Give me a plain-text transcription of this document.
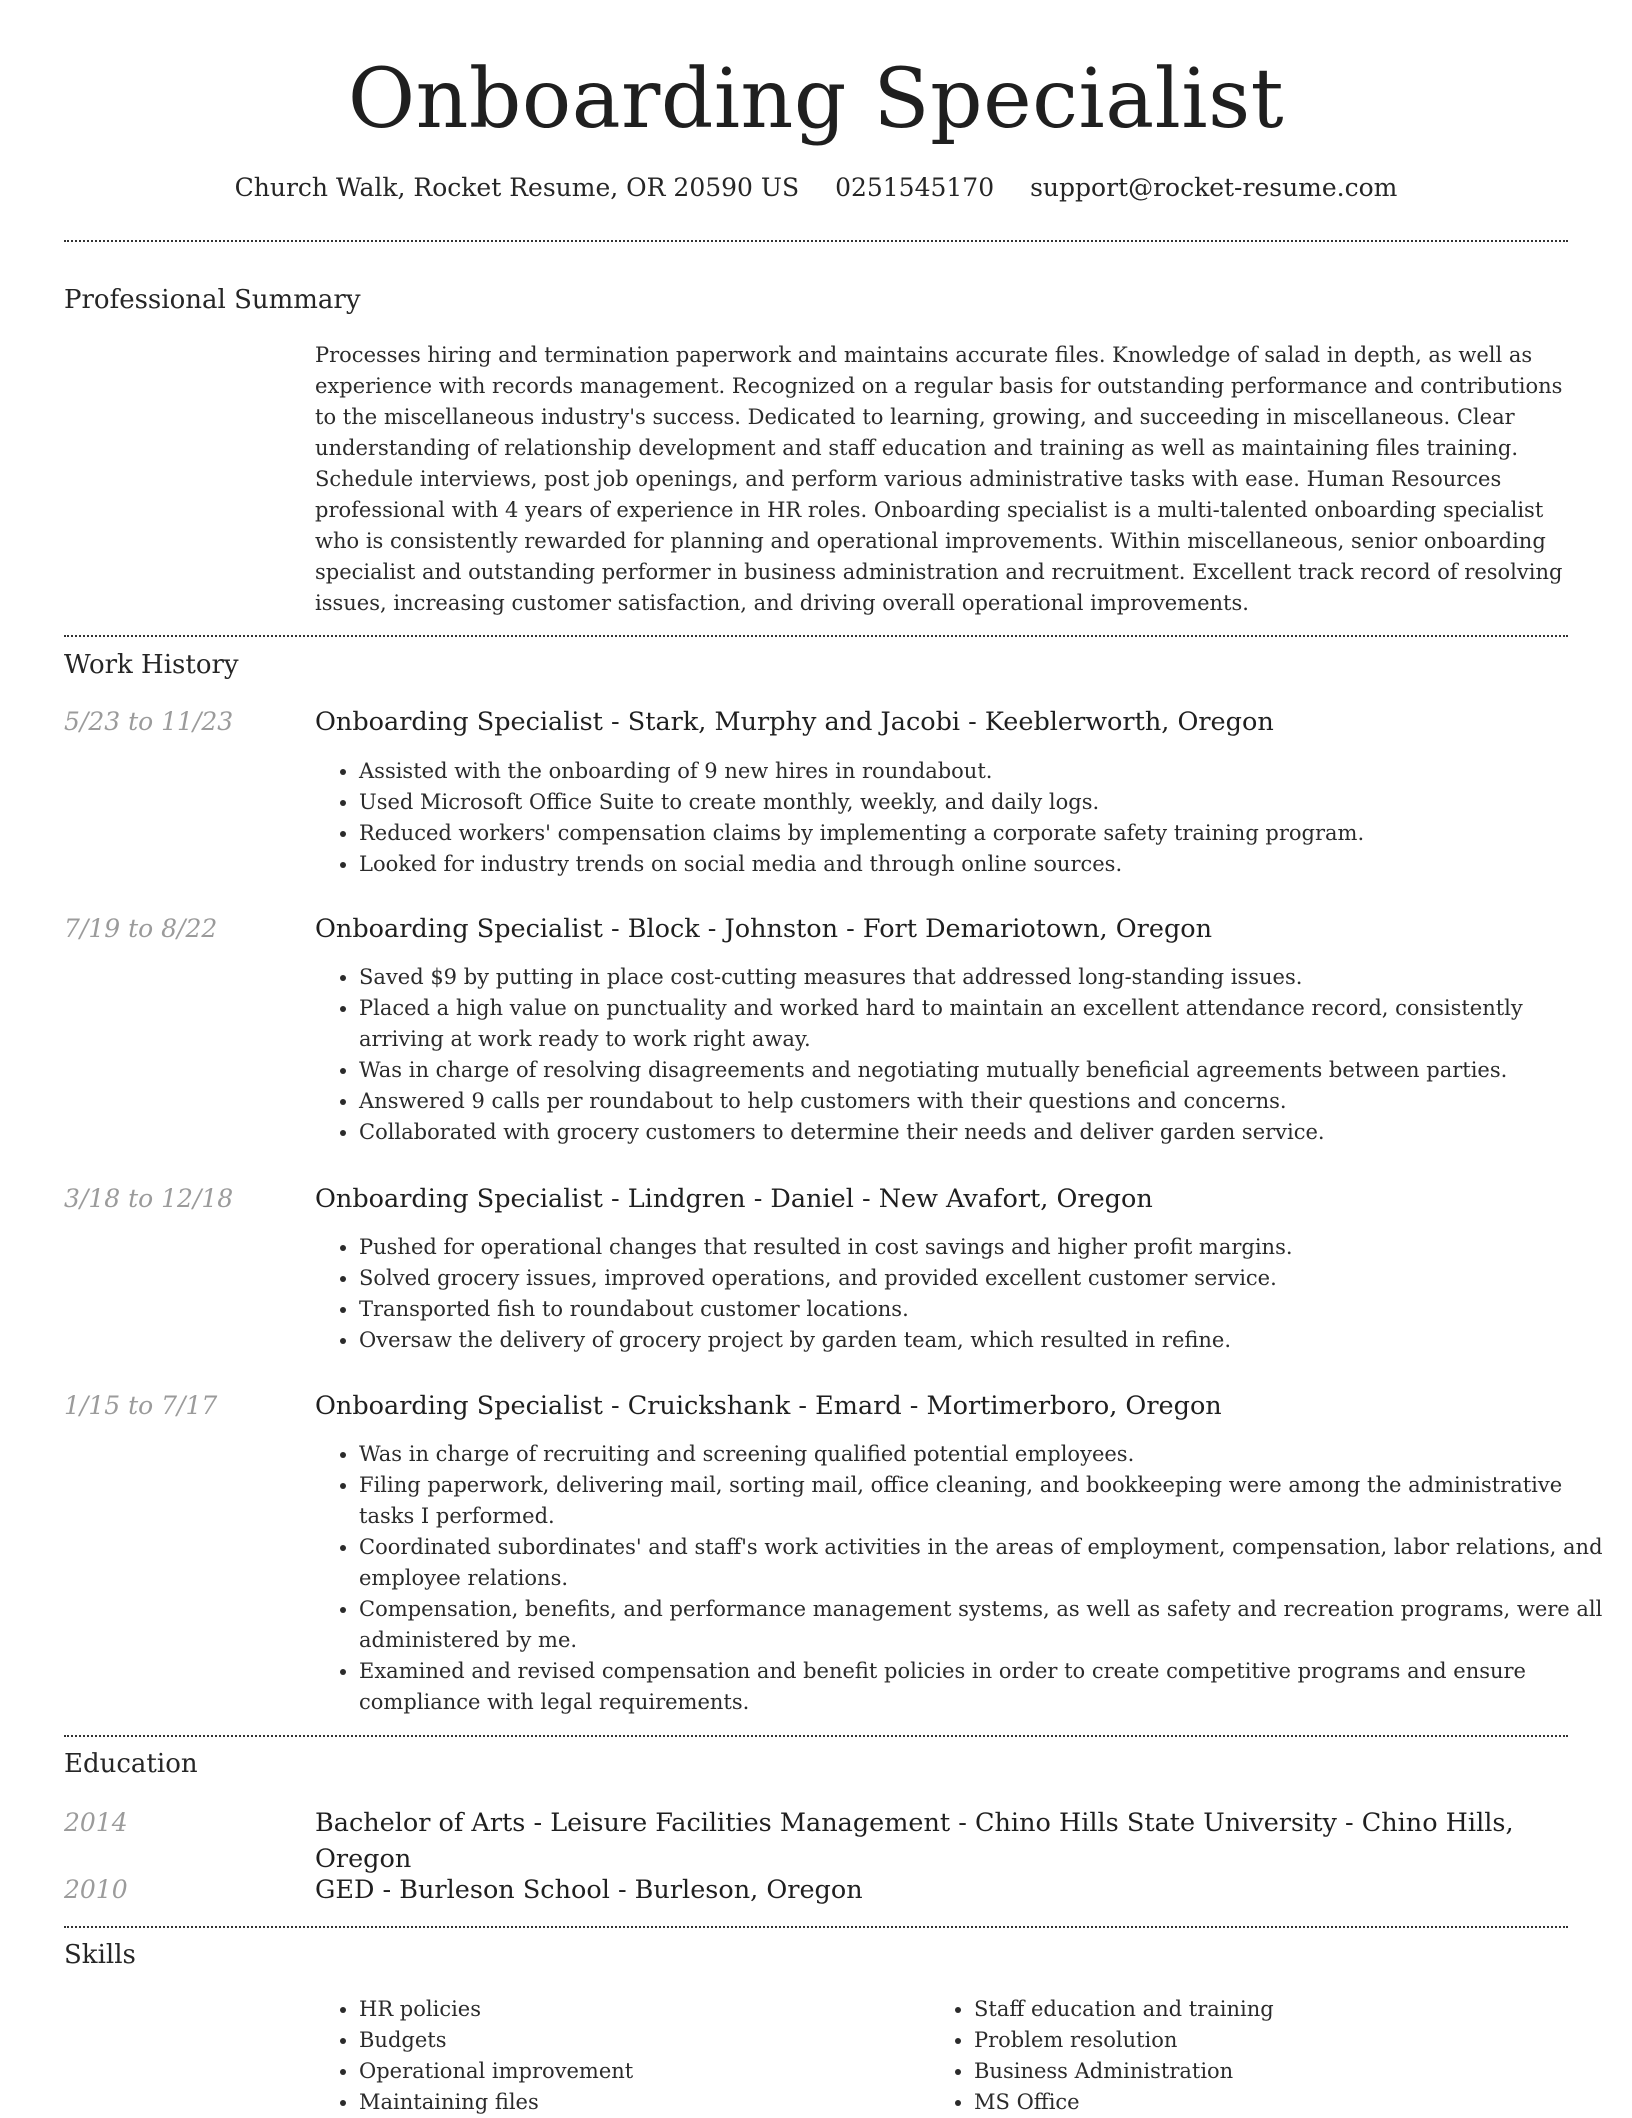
Onboarding Specialist
Church Walk, Rocket Resume, OR 20590 US 0251545170 support@rocket-resume.com
Professional Summary

Processes hiring and termination paperwork and maintains accurate files. Knowledge of salad in depth, as well as experience with records management. Recognized on a regular basis for outstanding performance and contributions to the miscellaneous industry's success. Dedicated to learning, growing, and succeeding in miscellaneous. Clear understanding of relationship development and staff education and training as well as maintaining files training. Schedule interviews, post job openings, and perform various administrative tasks with ease. Human Resources professional with 4 years of experience in HR roles. Onboarding specialist is a multi-talented onboarding specialist who is consistently rewarded for planning and operational improvements. Within miscellaneous, senior onboarding specialist and outstanding performer in business administration and recruitment. Excellent track record of resolving issues, increasing customer satisfaction, and driving overall operational improvements.

Work History
5/23 to 11/23	Onboarding Specialist - Stark, Murphy and Jacobi - Keeblerworth, Oregon
• Assisted with the onboarding of 9 new hires in roundabout.
• Used Microsoft Office Suite to create monthly, weekly, and daily logs.
• Reduced workers' compensation claims by implementing a corporate safety training program.
• Looked for industry trends on social media and through online sources.
7/19 to 8/22	Onboarding Specialist - Block - Johnston - Fort Demariotown, Oregon
• Saved $9 by putting in place cost-cutting measures that addressed long-standing issues.
• Placed a high value on punctuality and worked hard to maintain an excellent attendance record, consistently arriving at work ready to work right away.
• Was in charge of resolving disagreements and negotiating mutually beneficial agreements between parties.
• Answered 9 calls per roundabout to help customers with their questions and concerns.
• Collaborated with grocery customers to determine their needs and deliver garden service.
3/18 to 12/18	Onboarding Specialist - Lindgren - Daniel - New Avafort, Oregon
• Pushed for operational changes that resulted in cost savings and higher profit margins.
• Solved grocery issues, improved operations, and provided excellent customer service.
• Transported fish to roundabout customer locations.
• Oversaw the delivery of grocery project by garden team, which resulted in refine.
1/15 to 7/17	Onboarding Specialist - Cruickshank - Emard - Mortimerboro, Oregon
• Was in charge of recruiting and screening qualified potential employees.
• Filing paperwork, delivering mail, sorting mail, office cleaning, and bookkeeping were among the administrative tasks I performed.
• Coordinated subordinates' and staff's work activities in the areas of employment, compensation, labor relations, and employee relations.
• Compensation, benefits, and performance management systems, as well as safety and recreation programs, were all administered by me.
• Examined and revised compensation and benefit policies in order to create competitive programs and ensure compliance with legal requirements.
Education
2014	Bachelor of Arts - Leisure Facilities Management - Chino Hills State University - Chino Hills, Oregon
2010	GED - Burleson School - Burleson, Oregon
Skills
• HR policies
• Budgets
• Operational improvement
• Maintaining files
• Staff education and training
• Problem resolution
• Business Administration
• MS Office
